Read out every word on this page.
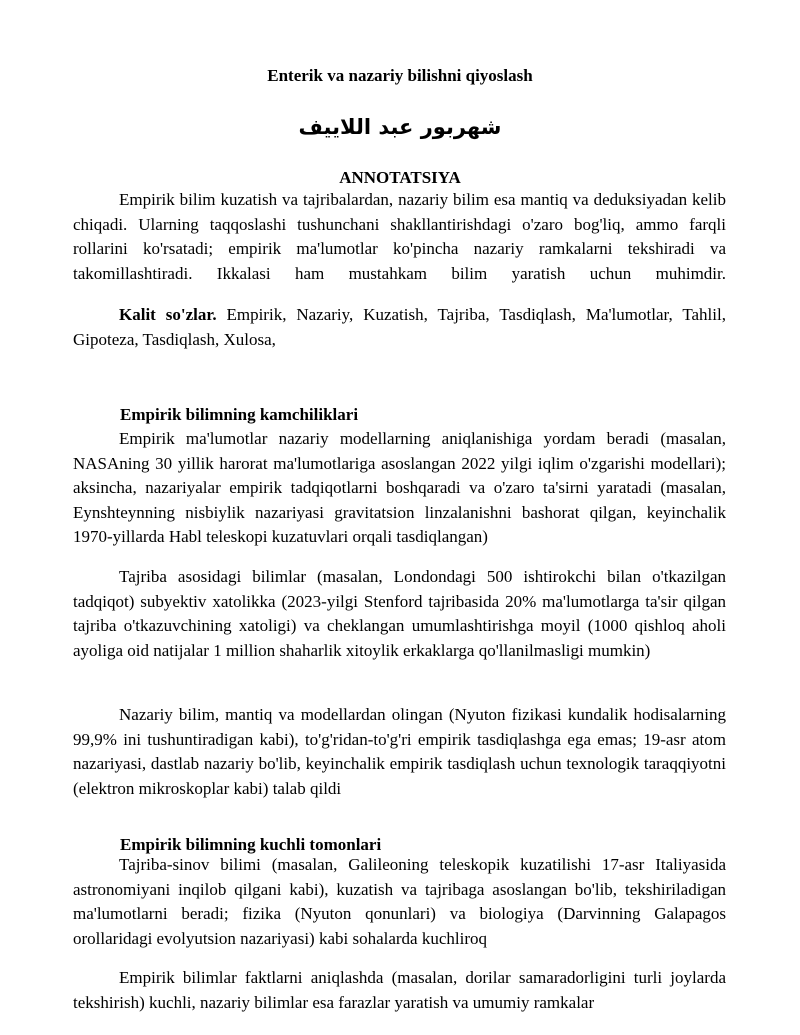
Enterik va nazariy bilishni qiyoslash
شهربور عبد اللاییف
ANNOTATSIYA

Empirik bilim kuzatish va tajribalardan, nazariy bilim esa mantiq va deduksiyadan kelib chiqadi. Ularning taqqoslashi tushunchani shakllantirishdagi o'zaro bog'liq, ammo farqli rollarini ko'rsatadi; empirik ma'lumotlar ko'pincha nazariy ramkalarni tekshiradi va takomillashtiradi. Ikkalasi ham mustahkam bilim yaratish uchun muhimdir.

Kalit so'zlar. Empirik, Nazariy, Kuzatish, Tajriba, Tasdiqlash, Ma'lumotlar, Tahlil, Gipoteza, Tasdiqlash, Xulosa,

Empirik bilimning kamchiliklari

Empirik ma'lumotlar nazariy modellarning aniqlanishiga yordam beradi (masalan, NASAning 30 yillik harorat ma'lumotlariga asoslangan 2022 yilgi iqlim o'zgarishi modellari); aksincha, nazariyalar empirik tadqiqotlarni boshqaradi va o'zaro ta'sirni yaratadi (masalan, Eynshteynning nisbiylik nazariyasi gravitatsion linzalanishni bashorat qilgan, keyinchalik 1970-yillarda Habl teleskopi kuzatuvlari orqali tasdiqlangan)

Tajriba asosidagi bilimlar (masalan, Londondagi 500 ishtirokchi bilan o'tkazilgan tadqiqot) subyektiv xatolikka (2023-yilgi Stenford tajribasida 20% ma'lumotlarga ta'sir qilgan tajriba o'tkazuvchining xatoligi) va cheklangan umumlashtirishga moyil (1000 qishloq aholi ayoliga oid natijalar 1 million shaharlik xitoylik erkaklarga qo'llanilmasligi mumkin)

Nazariy bilim, mantiq va modellardan olingan (Nyuton fizikasi kundalik hodisalarning 99,9% ini tushuntiradigan kabi), to'g'ridan-to'g'ri empirik tasdiqlashga ega emas; 19-asr atom nazariyasi, dastlab nazariy bo'lib, keyinchalik empirik tasdiqlash uchun texnologik taraqqiyotni (elektron mikroskoplar kabi) talab qildi

Empirik bilimning kuchli tomonlari

Tajriba-sinov bilimi (masalan, Galileoning teleskopik kuzatilishi 17-asr Italiyasida astronomiyani inqilob qilgani kabi), kuzatish va tajribaga asoslangan bo'lib, tekshiriladigan ma'lumotlarni beradi; fizika (Nyuton qonunlari) va biologiya (Darvinning Galapagos orollaridagi evolyutsion nazariyasi) kabi sohalarda kuchliroq

Empirik bilimlar faktlarni aniqlashda (masalan, dorilar samaradorligini turli joylarda tekshirish) kuchli, nazariy bilimlar esa farazlar yaratish va umumiy ramkalar
